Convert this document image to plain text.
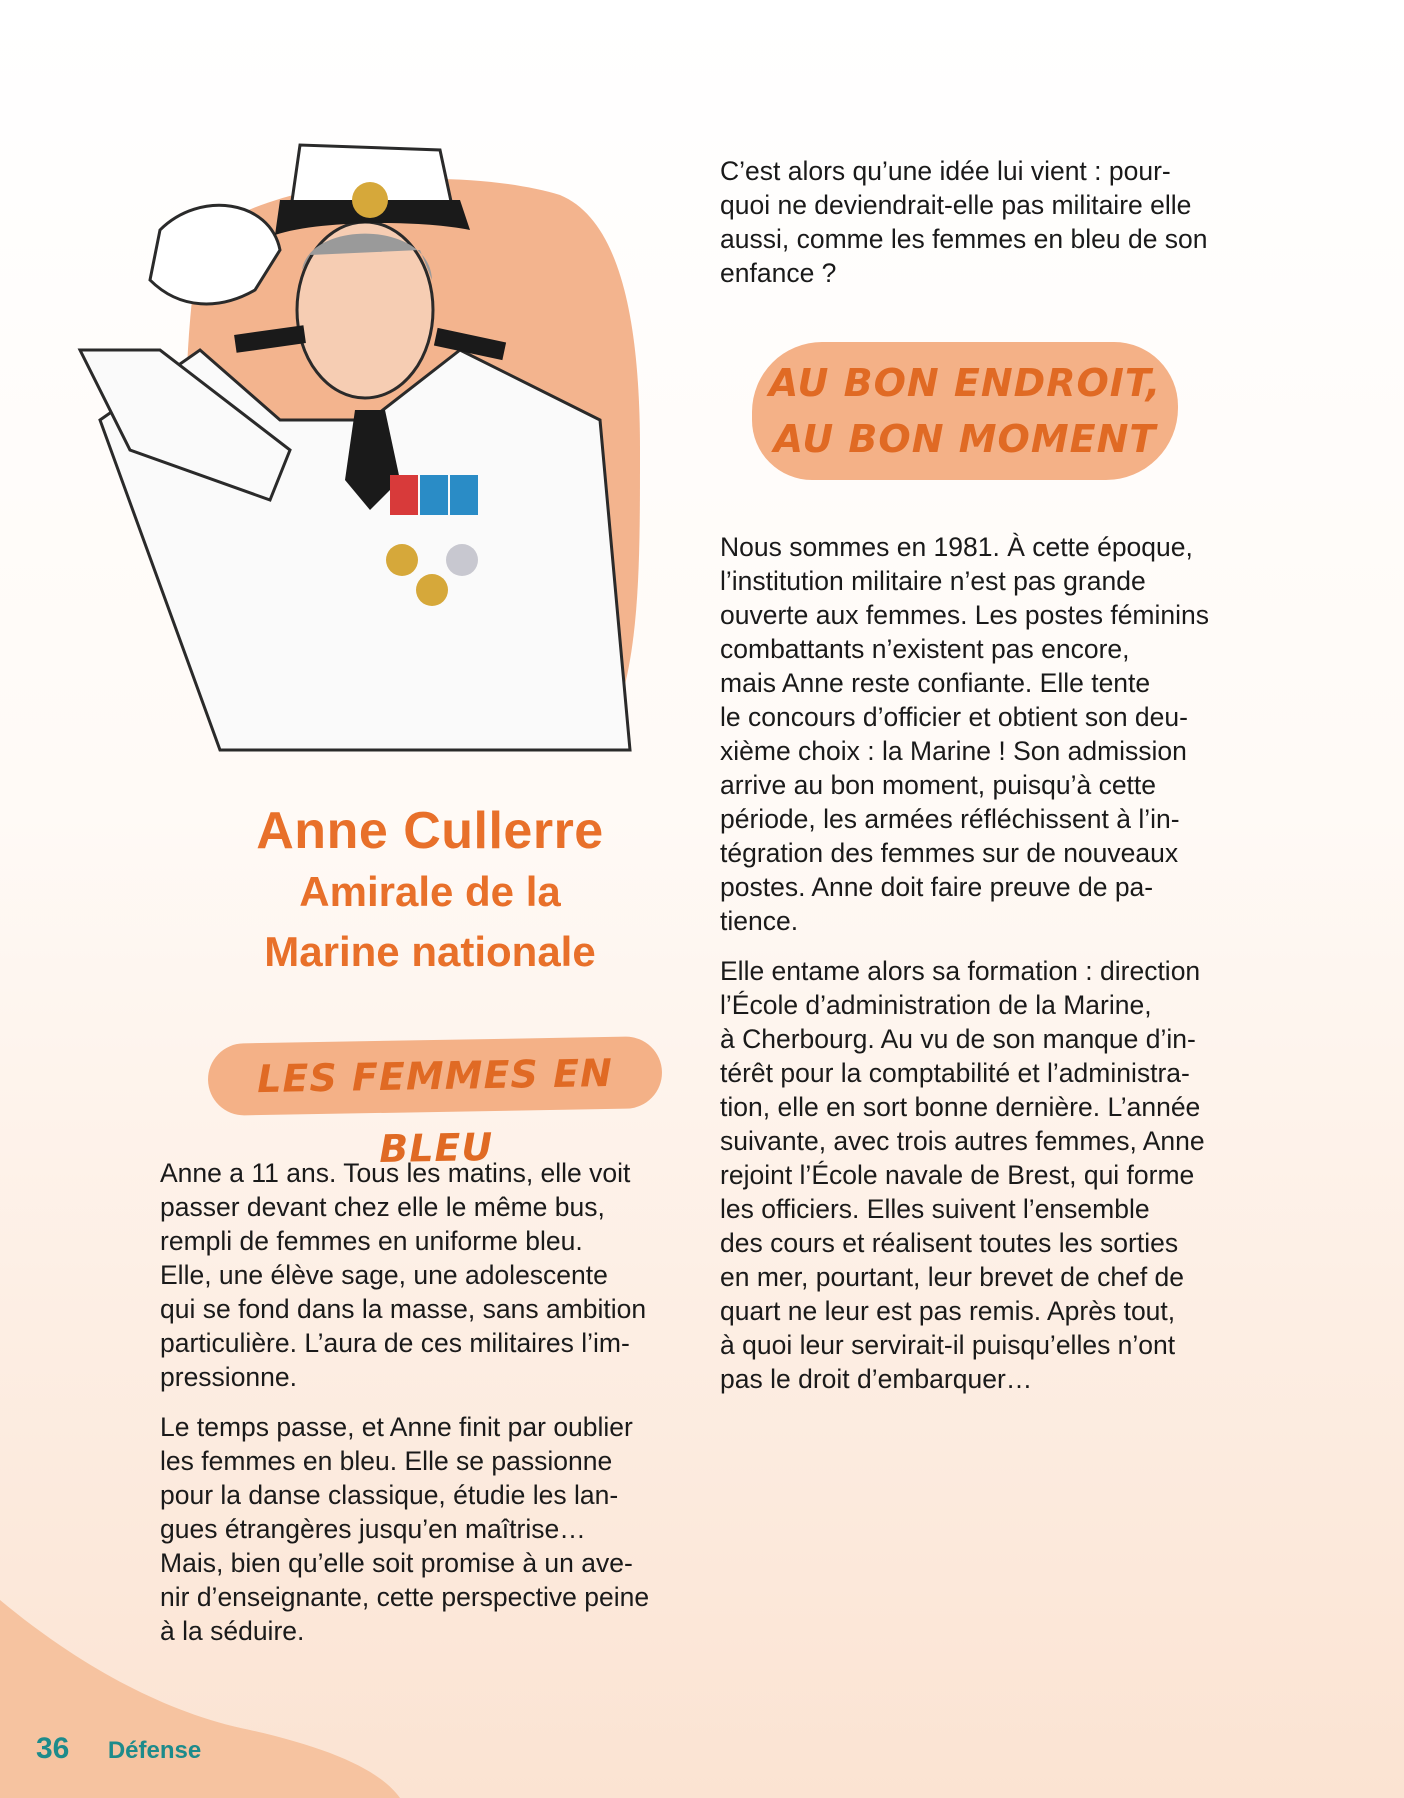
Anne Cullerre
Amirale de la
Marine nationale
LES FEMMES EN BLEU
AU BON ENDROIT,
AU BON MOMENT

C’est alors qu’une idée lui vient : pour-
quoi ne deviendrait-elle pas militaire elle
aussi, comme les femmes en bleu de son
enfance ?

Anne a 11 ans. Tous les matins, elle voit
passer devant chez elle le même bus,
rempli de femmes en uniforme bleu.
Elle, une élève sage, une adolescente
qui se fond dans la masse, sans ambition
particulière. L’aura de ces militaires l’im-
pressionne.

Le temps passe, et Anne finit par oublier
les femmes en bleu. Elle se passionne
pour la danse classique, étudie les lan-
gues étrangères jusqu’en maîtrise…
Mais, bien qu’elle soit promise à un ave-
nir d’enseignante, cette perspective peine
à la séduire.

Nous sommes en 1981. À cette époque,
l’institution militaire n’est pas grande
ouverte aux femmes. Les postes féminins
combattants n’existent pas encore,
mais Anne reste confiante. Elle tente
le concours d’officier et obtient son deu-
xième choix : la Marine ! Son admission
arrive au bon moment, puisqu’à cette
période, les armées réfléchissent à l’in-
tégration des femmes sur de nouveaux
postes. Anne doit faire preuve de pa-
tience.

Elle entame alors sa formation : direction
l’École d’administration de la Marine,
à Cherbourg. Au vu de son manque d’in-
térêt pour la comptabilité et l’administra-
tion, elle en sort bonne dernière. L’année
suivante, avec trois autres femmes, Anne
rejoint l’École navale de Brest, qui forme
les officiers. Elles suivent l’ensemble
des cours et réalisent toutes les sorties
en mer, pourtant, leur brevet de chef de
quart ne leur est pas remis. Après tout,
à quoi leur servirait-il puisqu’elles n’ont
pas le droit d’embarquer…

36 Défense
